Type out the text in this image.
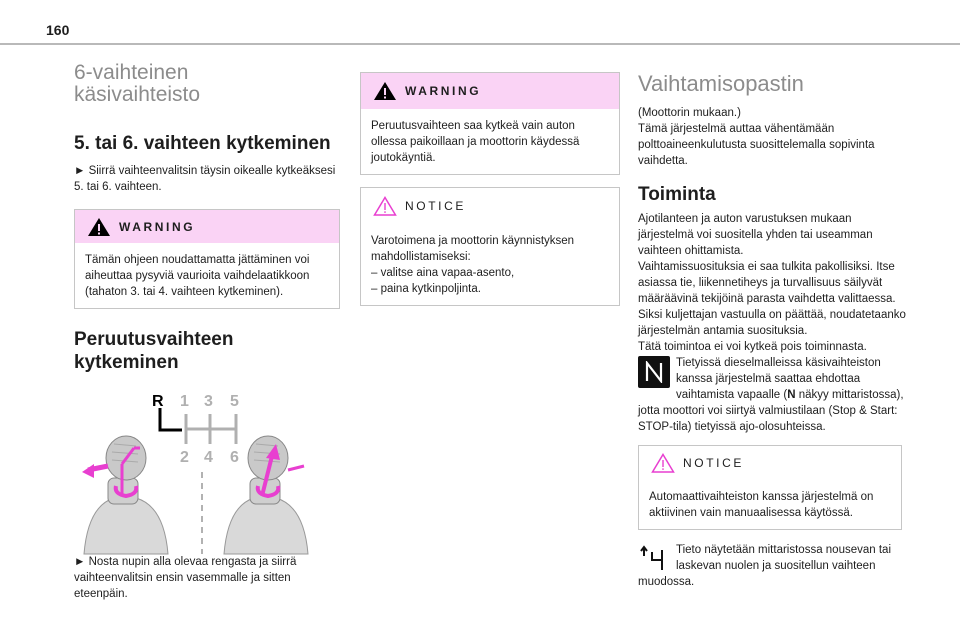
160
6-vaihteinen
käsivaihteisto
5. tai 6. vaihteen kytkeminen
► Siirrä vaihteenvalitsin täysin oikealle kytkeäksesi 5. tai 6. vaihteen.
WARNING
Tämän ohjeen noudattamatta jättäminen voi aiheuttaa pysyviä vaurioita vaihdelaatikkoon (tahaton 3. tai 4. vaihteen kytkeminen).
Peruutusvaihteen
kytkeminen
R 1 3 5
2 4 6
► Nosta nupin alla olevaa rengasta ja siirrä vaihteenvalitsin ensin vasemmalle ja sitten eteenpäin.
WARNING
Peruutusvaihteen saa kytkeä vain auton ollessa paikoillaan ja moottorin käydessä joutokäyntiä.
NOTICE
Varotoimena ja moottorin käynnistyksen mahdollistamiseksi:
– valitse aina vapaa-asento,
– paina kytkinpoljinta.
Vaihtamisopastin
(Moottorin mukaan.)
Tämä järjestelmä auttaa vähentämään polttoaineenkulutusta suosittelemalla sopivinta vaihdetta.
Toiminta
Ajotilanteen ja auton varustuksen mukaan järjestelmä voi suositella yhden tai useamman vaihteen ohittamista.
Vaihtamissuosituksia ei saa tulkita pakollisiksi. Itse asiassa tie, liikennetiheys ja turvallisuus säilyvät määräävinä tekijöinä parasta vaihdetta valittaessa. Siksi kuljettajan vastuulla on päättää, noudatetaanko järjestelmän antamia suosituksia.
Tätä toimintoa ei voi kytkeä pois toiminnasta.
Tietyissä dieselmalleissa käsivaihteiston kanssa järjestelmä saattaa ehdottaa vaihtamista vapaalle (N näkyy mittaristossa), jotta moottori voi siirtyä valmiustilaan (Stop & Start: STOP-tila) tietyissä ajo-olosuhteissa.
NOTICE
Automaattivaihteiston kanssa järjestelmä on aktiivinen vain manuaalisessa käytössä.
Tieto näytetään mittaristossa nousevan tai laskevan nuolen ja suositellun vaihteen muodossa.
